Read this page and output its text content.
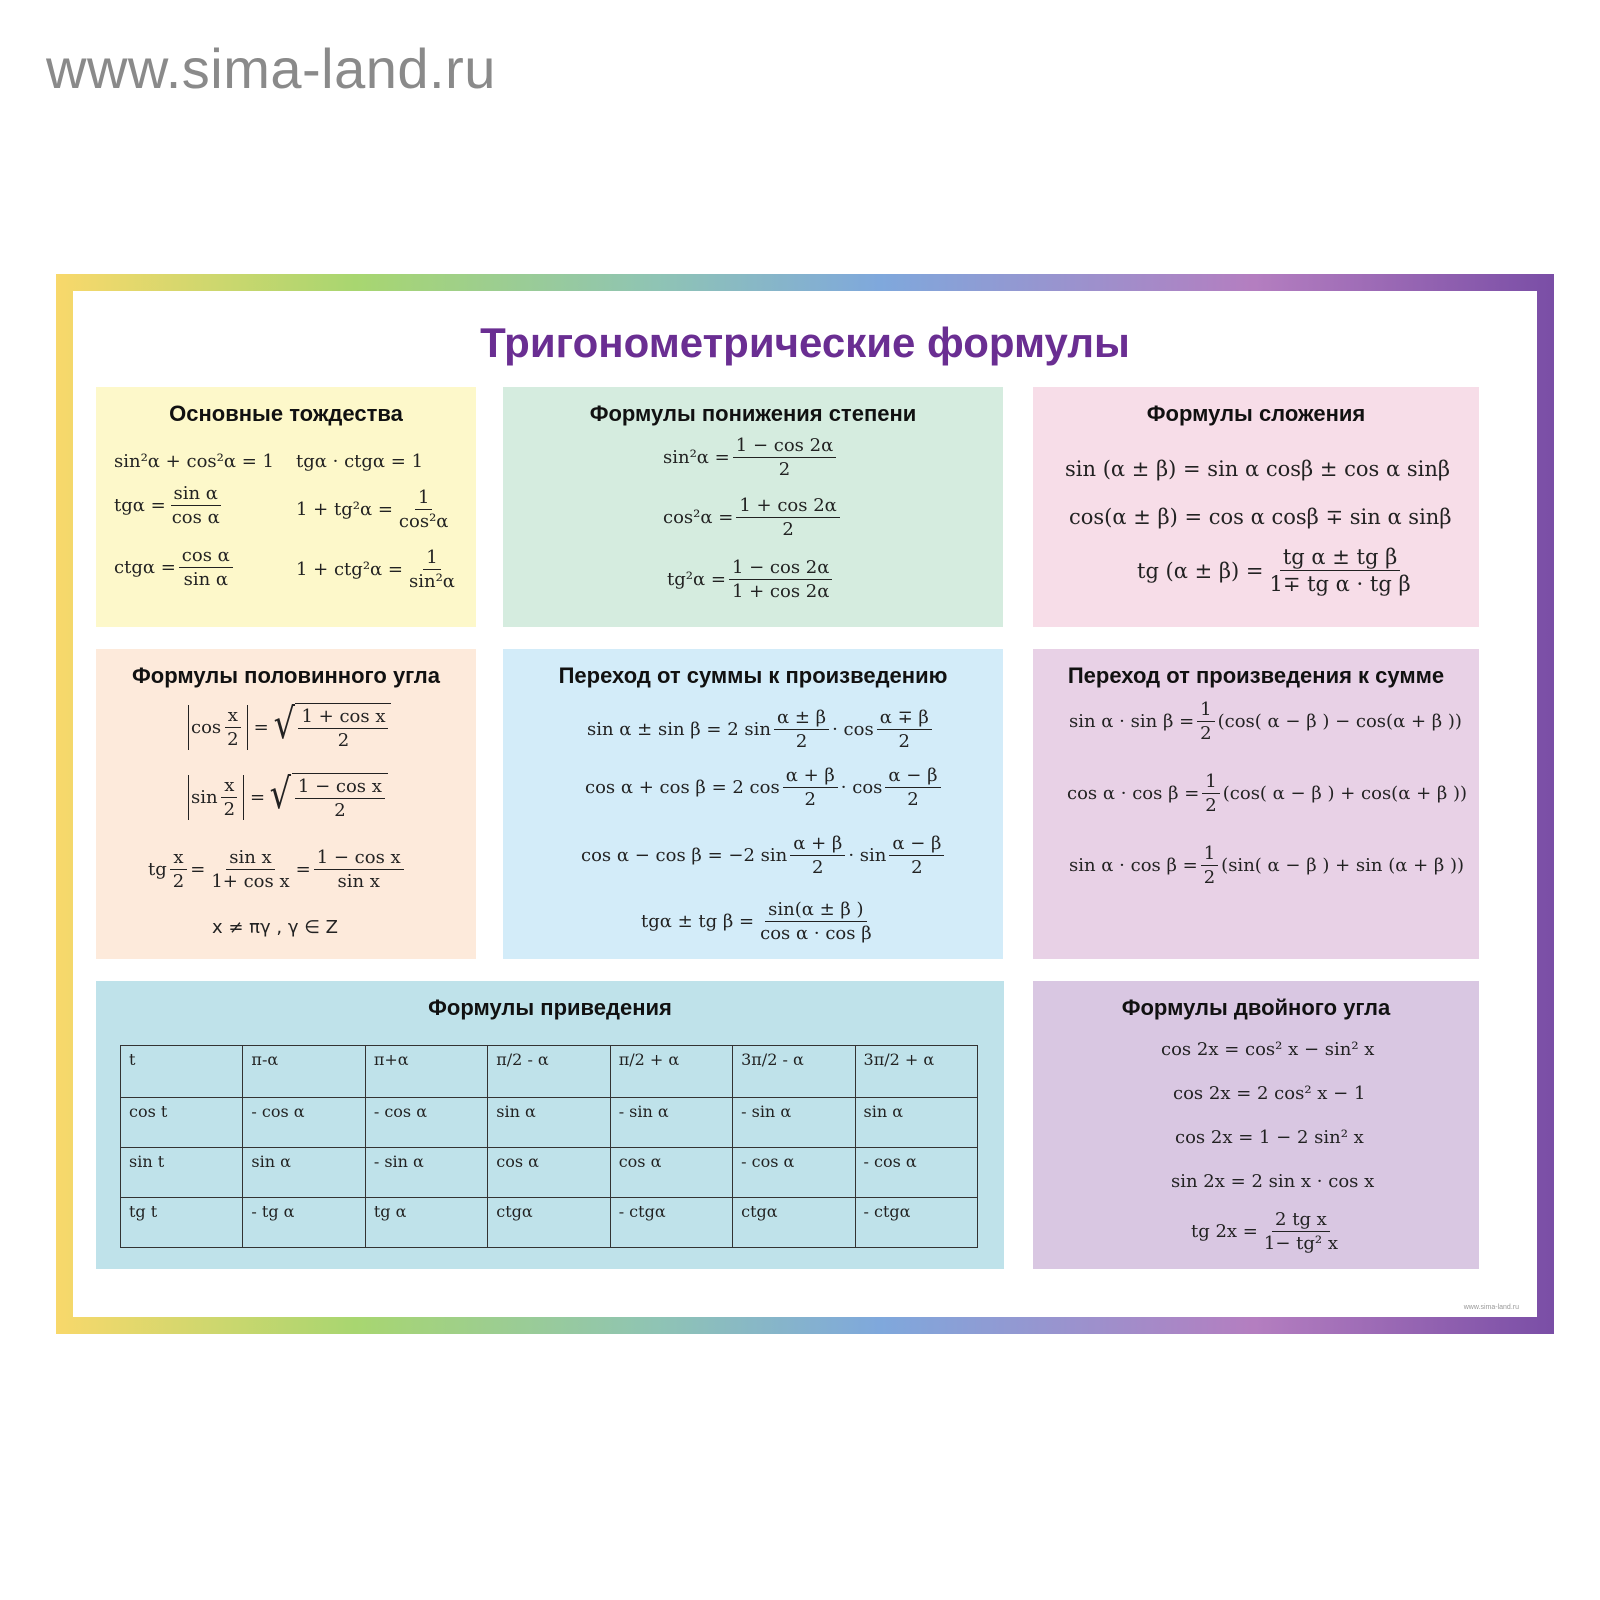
www.sima-land.ru
Тригонометрические формулы
Основные тождества
sin²α + cos²α = 1 tgα · ctgα = 1
$tg\alpha = \frac{\text{sin α}}{\text{cos α}}$	$1 + tg^2\alpha = \frac{1}{\text{cos²α}}$
$ctg\alpha = \frac{\text{cos α}}{\text{sin α}}$	$1 + ctg^2\alpha = \frac{1}{\text{sin²α}}$
Формулы понижения степени
$\sin^2\alpha = \frac{1 - \cos 2\alpha}{2}$
$\cos^2\alpha = \frac{1 + \cos 2\alpha}{2}$
$tg^2\alpha = \frac{1 - \cos 2\alpha}{1 + \cos 2\alpha}$
Формулы сложения
sin (α ± β) = sin α cosβ ± cos α sinβ
cos(α ± β) = cos α cosβ ∓ sin α sinβ
tg $(\alpha \pm \beta) = \frac{\text{tg α ± tg β}}{\text{1∓ tg α · tg β}}$
Формулы половинного угла
$\cos \frac{x}{2}$ = √ $\frac{\text{1 + cos x}}{2}$
$\sin \frac{x}{2}$ = √ $\frac{\text{1 − cos x}}{2}$
tg $\frac{x}{2} = \frac{\text{sin x}}{\text{1+ cos x}} = \frac{\text{1 − cos x}}{\text{sin x}}$
x ≠ πγ , γ ∈ Z
Переход от суммы к произведению
sin α ± sin β = 2 $\sin \frac{\alpha \pm \beta}{2} \cdot \cos \frac{\alpha \mp \beta}{2}$
cos α + cos β = 2 $\cos \frac{\alpha + \beta}{2} \cdot \cos \frac{\alpha - \beta}{2}$
cos α − cos β = −2 $\sin \frac{\alpha + \beta}{2} \cdot \sin \frac{\alpha - \beta}{2}$
tgα ± tg $\beta = \frac{\sin(\alpha \pm \beta )}{\text{cos α · cos β}}$
Переход от произведения к сумме
$\sin \alpha \cdot \sin \beta = \frac{1}{2} (\cos$( α − β ) − cos(α + β ))
$\cos \alpha \cdot \cos \beta = \frac{1}{2} (\cos$( α − β ) + cos(α + β ))
$\sin \alpha \cdot \cos \beta = \frac{1}{2} (\sin$( α − β ) + sin (α + β ))
Формулы приведения
t	π-α	π+α	π/2 - α	π/2 + α	3π/2 - α	3π/2 + α
cos t	- cos α	- cos α	sin α	- sin α	- sin α	sin α
sin t	sin α	- sin α	cos α	cos α	- cos α	- cos α
tg t	- tg α	tg α	ctgα	- ctgα	ctgα	- ctgα
Формулы двойного угла
cos 2x = cos² x − sin² x
cos 2x = 2 cos² x − 1
cos 2x = 1 − 2 sin² x
sin 2x = 2 sin x · cos x
tg $2x = \frac{\text{2 tg x}}{\text{1− tg² x}}$
www.sima-land.ru
